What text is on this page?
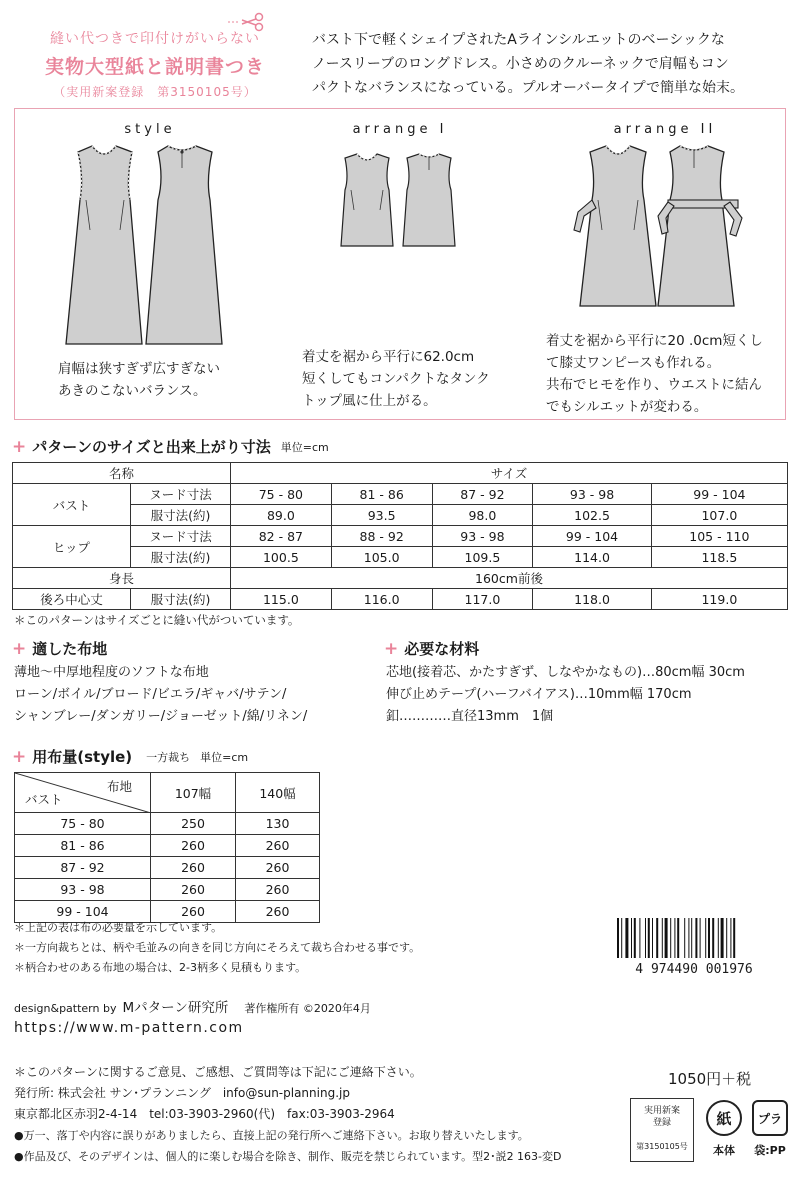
縫い代つきで印付けがいらない
実物大型紙と説明書つき
（実用新案登録　第3150105号）
バスト下で軽くシェイプされたAラインシルエットのベーシックな
ノースリーブのロングドレス。小さめのクルーネックで肩幅もコン
パクトなバランスになっている。プルオーバータイプで簡単な始末。
style	arrange I	arrange II
肩幅は狭すぎず広すぎない
あきのこないバランス。
着丈を裾から平行に62.0cm
短くしてもコンパクトなタンク
トップ風に仕上がる。
着丈を裾から平行に20 .0cm短くし
て膝丈ワンピースも作れる。
共布でヒモを作り、ウエストに結ん
でもシルエットが変わる。
+ パターンのサイズと出来上がり寸法 単位=cm
名称		サイズ				
バスト	ヌード寸法	75 - 80	81 - 86	87 - 92	93 - 98	99 - 104
	服寸法(約)	89.0	93.5	98.0	102.5	107.0
ヒップ	ヌード寸法	82 - 87	88 - 92	93 - 98	99 - 104	105 - 110
	服寸法(約)	100.5	105.0	109.5	114.0	118.5
身長		160cm前後				
後ろ中心丈	服寸法(約)	115.0	116.0	117.0	118.0	119.0
＊このパターンはサイズごとに縫い代がついています。
+ 適した布地
薄地〜中厚地程度のソフトな布地
ローン/ボイル/ブロード/ビエラ/ギャバ/サテン/
シャンブレー/ダンガリー/ジョーゼット/綿/リネン/
+ 必要な材料
芯地(接着芯、かたすぎず、しなやかなもの)…80cm幅 30cm
伸び止めテープ(ハーフバイアス)…10mm幅 170cm
釦…………直径13mm　1個
+ 用布量(style) 一方裁ち 単位=cm
布地
バスト	107幅	140幅
75 - 80	250	130
81 - 86	260	260
87 - 92	260	260
93 - 98	260	260
99 - 104	260	260
＊上記の表は布の必要量を示しています。
＊一方向裁ちとは、柄や毛並みの向きを同じ方向にそろえて裁ち合わせる事です。
＊柄合わせのある布地の場合は、2-3柄多く見積もります。	4 974490 001976
design&pattern by Mパターン研究所 著作権所有 ©2020年4月
https://www.m-pattern.com
＊このパターンに関するご意見、ご感想、ご質問等は下記にご連絡下さい。
発行所: 株式会社 サン･プランニング　info@sun-planning.jp
東京都北区赤羽2-4-14　tel:03-3903-2960(代)　fax:03-3903-2964
●万一、落丁や内容に誤りがありましたら、直接上記の発行所へご連絡下さい。お取り替えいたします。
●作品及び、そのデザインは、個人的に楽しむ場合を除き、制作、販売を禁じられています。型2･説2 163-変D
1050円＋税
実用新案
登録
第3150105号
紙 プラ
本体	袋:PP
